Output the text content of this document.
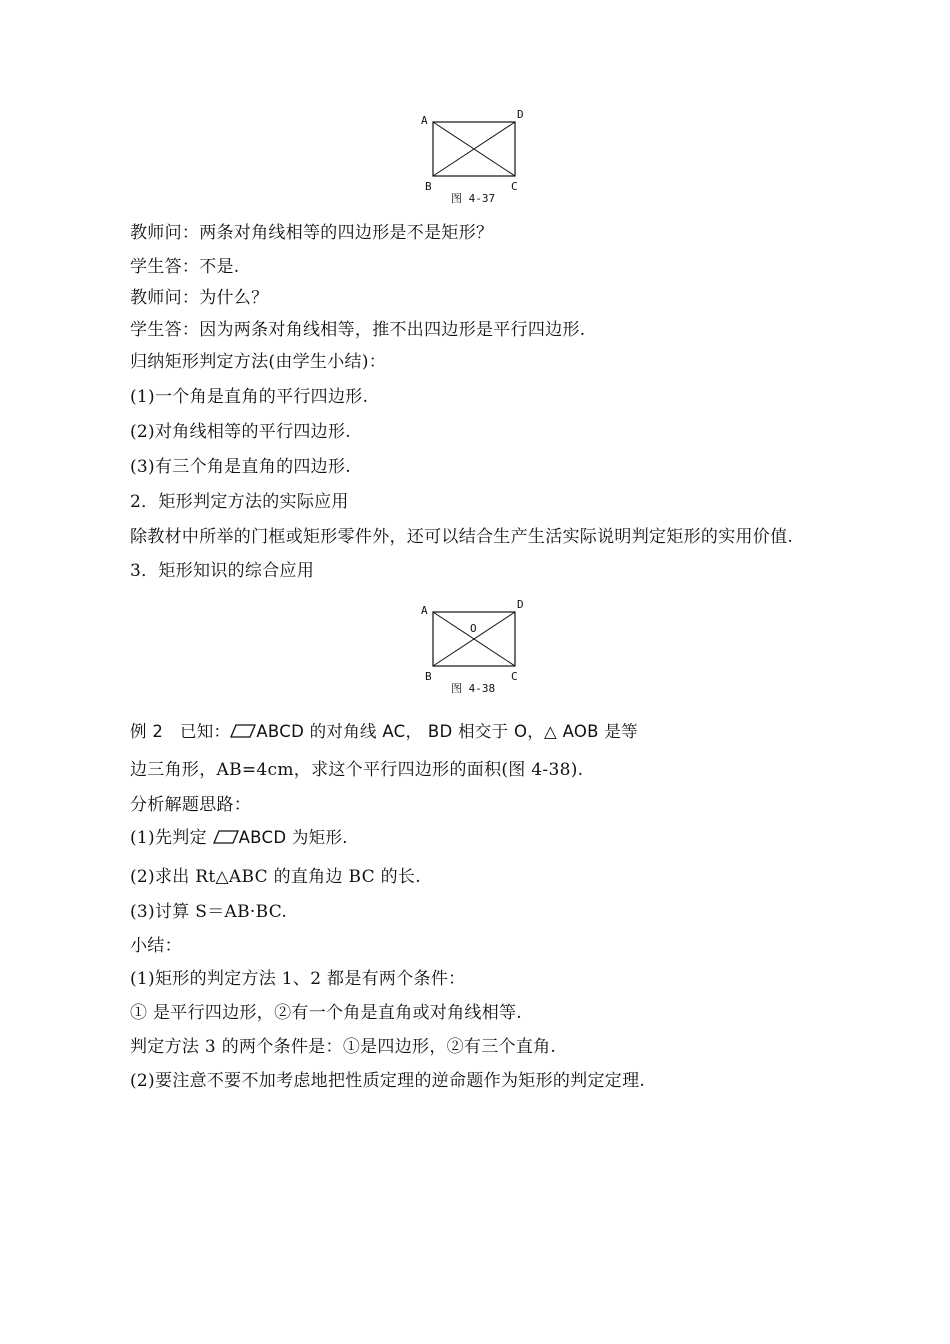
A	D
B	C
图 4-37
教师问：两条对角线相等的四边形是不是矩形？
学生答：不是.
教师问：为什么？
学生答：因为两条对角线相等，推不出四边形是平行四边形.
归纳矩形判定方法(由学生小结)：
(1)一个角是直角的平行四边形.
(2)对角线相等的平行四边形.
(3)有三个角是直角的四边形.
2．矩形判定方法的实际应用
除教材中所举的门框或矩形零件外，还可以结合生产生活实际说明判定矩形的实用价值.
3．矩形知识的综合应用
A	D
B	C
O
图 4-38
例 2　已知： ABCD 的对角线 AC， BD 相交于 O，△ AOB 是等
边三角形，AB=4cm，求这个平行四边形的面积(图 4-38).
分析解题思路：
(1)先判定 ABCD 为矩形.
(2)求出 Rt△ABC 的直角边 BC 的长.
(3)讨算 S＝AB·BC.
小结：
(1)矩形的判定方法 1、2 都是有两个条件：
① 是平行四边形，②有一个角是直角或对角线相等.
判定方法 3 的两个条件是：①是四边形，②有三个直角.
(2)要注意不要不加考虑地把性质定理的逆命题作为矩形的判定定理.
